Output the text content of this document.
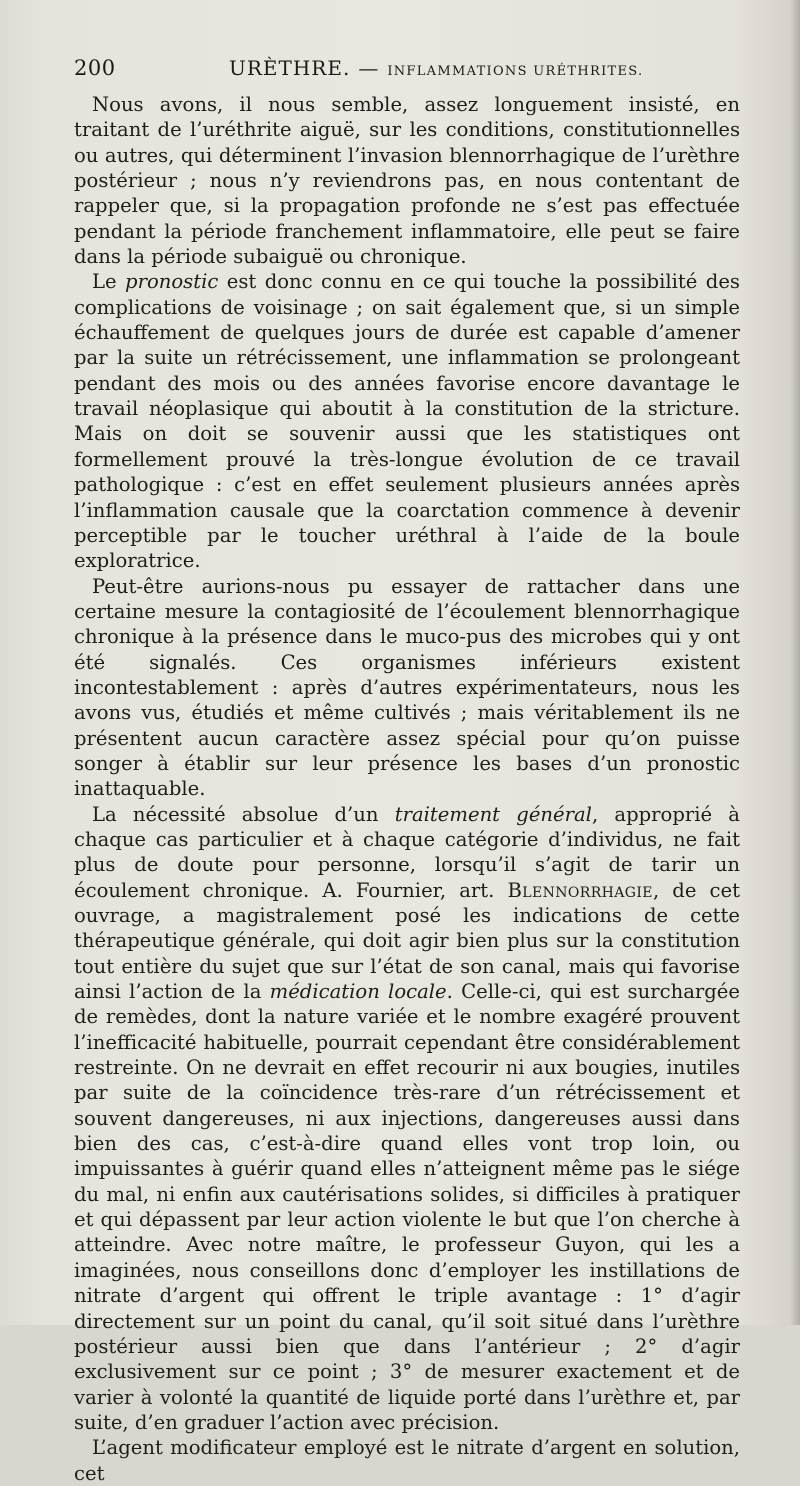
200	URÈTHRE. — INFLAMMATIONS URÉTHRITES.

Nous avons, il nous semble, assez longuement insisté, en traitant de l’uréthrite aiguë, sur les conditions, constitutionnelles ou autres, qui déterminent l’invasion blennorrhagique de l’urèthre postérieur ; nous n’y reviendrons pas, en nous contentant de rappeler que, si la propagation profonde ne s’est pas effectuée pendant la période franchement inflammatoire, elle peut se faire dans la période subaiguë ou chronique.

Le pronostic est donc connu en ce qui touche la possibilité des complications de voisinage ; on sait également que, si un simple échauffement de quelques jours de durée est capable d’amener par la suite un rétrécissement, une inflammation se prolongeant pendant des mois ou des années favorise encore davantage le travail néoplasique qui aboutit à la constitution de la stricture. Mais on doit se souvenir aussi que les statistiques ont formellement prouvé la très-longue évolution de ce travail pathologique : c’est en effet seulement plusieurs années après l’inflammation causale que la coarctation commence à devenir perceptible par le toucher uréthral à l’aide de la boule exploratrice.

Peut-être aurions-nous pu essayer de rattacher dans une certaine mesure la contagiosité de l’écoulement blennorrhagique chronique à la présence dans le muco-pus des microbes qui y ont été signalés. Ces organismes inférieurs existent incontestablement : après d’autres expérimentateurs, nous les avons vus, étudiés et même cultivés ; mais véritablement ils ne présentent aucun caractère assez spécial pour qu’on puisse songer à établir sur leur présence les bases d’un pronostic inattaquable.

La nécessité absolue d’un traitement général, approprié à chaque cas particulier et à chaque catégorie d’individus, ne fait plus de doute pour personne, lorsqu’il s’agit de tarir un écoulement chronique. A. Fournier, art. Blennorrhagie, de cet ouvrage, a magistralement posé les indications de cette thérapeutique générale, qui doit agir bien plus sur la constitution tout entière du sujet que sur l’état de son canal, mais qui favorise ainsi l’action de la médication locale. Celle-ci, qui est surchargée de remèdes, dont la nature variée et le nombre exagéré prouvent l’inefficacité habituelle, pourrait cependant être considérablement restreinte. On ne devrait en effet recourir ni aux bougies, inutiles par suite de la coïncidence très-rare d’un rétrécissement et souvent dangereuses, ni aux injections, dangereuses aussi dans bien des cas, c’est-à-dire quand elles vont trop loin, ou impuissantes à guérir quand elles n’atteignent même pas le siége du mal, ni enfin aux cautérisations solides, si difficiles à pratiquer et qui dépassent par leur action violente le but que l’on cherche à atteindre. Avec notre maître, le professeur Guyon, qui les a imaginées, nous conseillons donc d’employer les instillations de nitrate d’argent qui offrent le triple avantage : 1° d’agir directement sur un point du canal, qu’il soit situé dans l’urèthre postérieur aussi bien que dans l’antérieur ; 2° d’agir exclusivement sur ce point ; 3° de mesurer exactement et de varier à volonté la quantité de liquide porté dans l’urèthre et, par suite, d’en graduer l’action avec précision.

L’agent modificateur employé est le nitrate d’argent en solution, cet
